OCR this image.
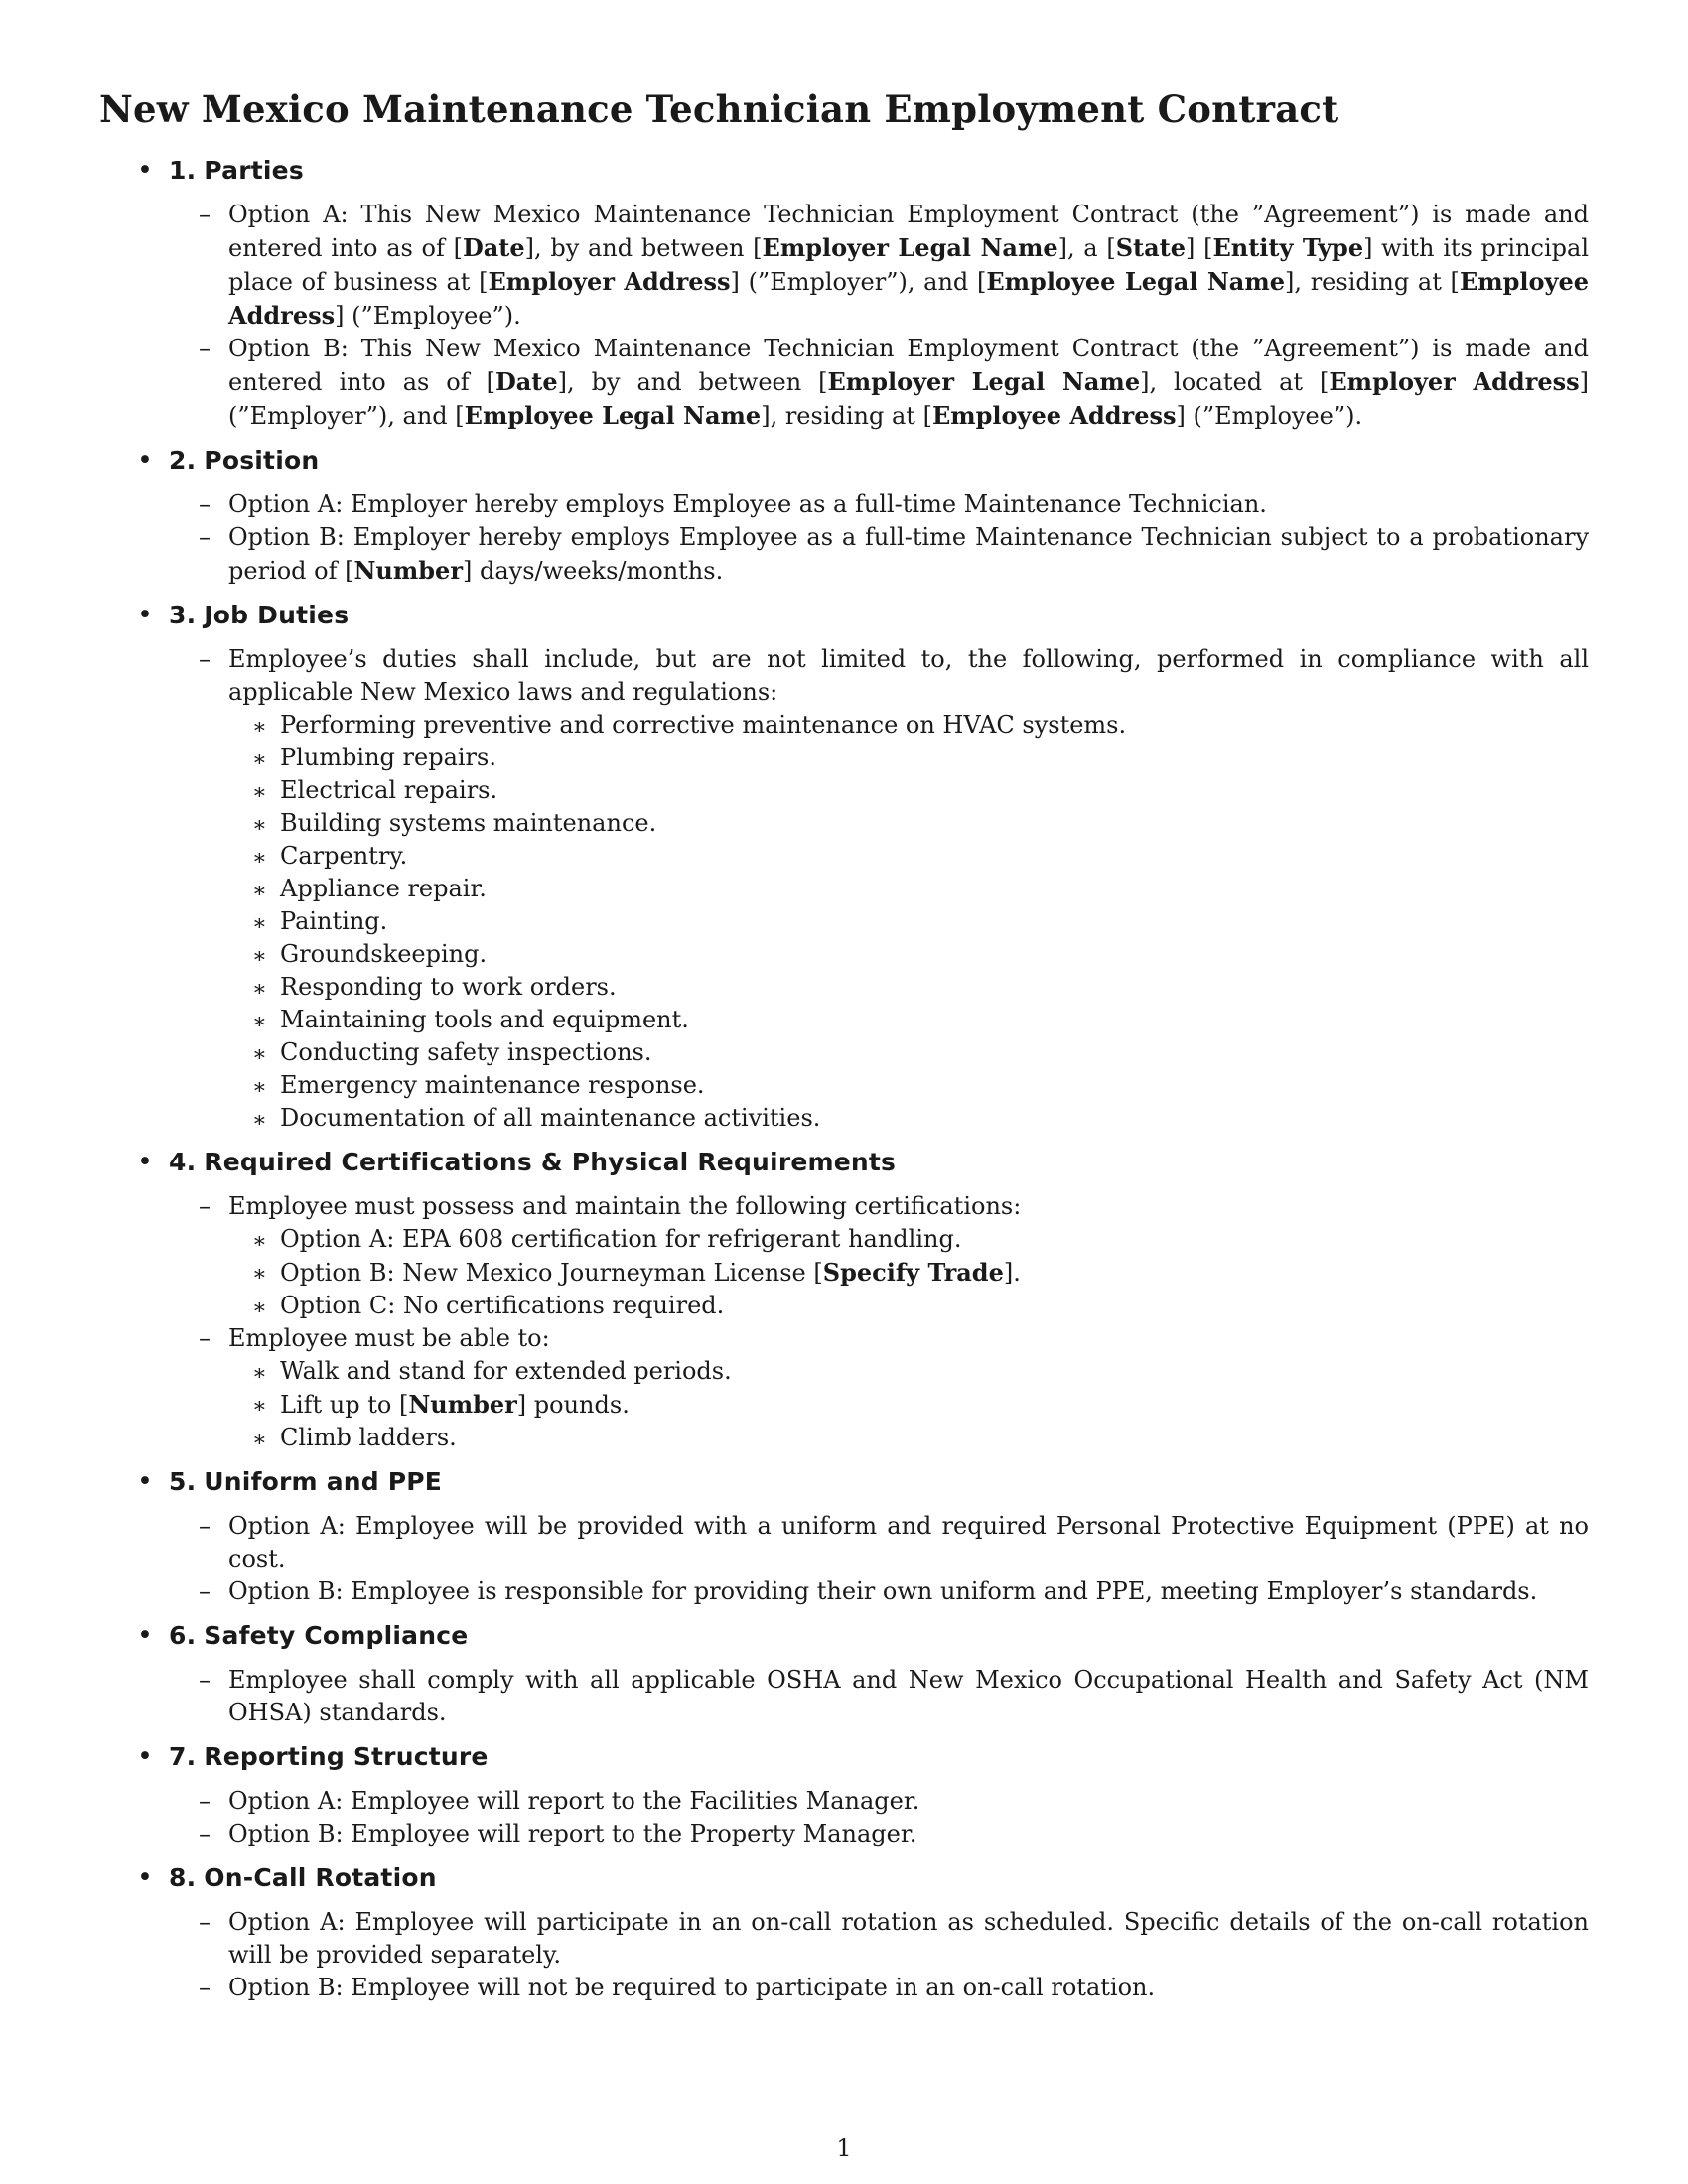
New Mexico Maintenance Technician Employment Contract
• 1. Parties
– Option A: This New Mexico Maintenance Technician Employment Contract (the ”Agreement”) is made and entered into as of [Date], by and between [Employer Legal Name], a [State] [Entity Type] with its principal place of business at [Employer Address] (”Employer”), and [Employee Legal Name], residing at [Employee Address] (”Employee”).
– Option B: This New Mexico Maintenance Technician Employment Contract (the ”Agreement”) is made and entered into as of [Date], by and between [Employer Legal Name], located at [Employer Address] (”Employer”), and [Employee Legal Name], residing at [Employee Address] (”Employee”).
• 2. Position
– Option A: Employer hereby employs Employee as a full-time Maintenance Technician.
– Option B: Employer hereby employs Employee as a full-time Maintenance Technician subject to a probationary period of [Number] days/weeks/months.
• 3. Job Duties
– Employee’s duties shall include, but are not limited to, the following, performed in compliance with all applicable New Mexico laws and regulations:
∗ Performing preventive and corrective maintenance on HVAC systems.
∗ Plumbing repairs.
∗ Electrical repairs.
∗ Building systems maintenance.
∗ Carpentry.
∗ Appliance repair.
∗ Painting.
∗ Groundskeeping.
∗ Responding to work orders.
∗ Maintaining tools and equipment.
∗ Conducting safety inspections.
∗ Emergency maintenance response.
∗ Documentation of all maintenance activities.
• 4. Required Certifications & Physical Requirements
– Employee must possess and maintain the following certifications:
∗ Option A: EPA 608 certification for refrigerant handling.
∗ Option B: New Mexico Journeyman License [Specify Trade].
∗ Option C: No certifications required.
– Employee must be able to:
∗ Walk and stand for extended periods.
∗ Lift up to [Number] pounds.
∗ Climb ladders.
• 5. Uniform and PPE
– Option A: Employee will be provided with a uniform and required Personal Protective Equipment (PPE) at no cost.
– Option B: Employee is responsible for providing their own uniform and PPE, meeting Employer’s standards.
• 6. Safety Compliance
– Employee shall comply with all applicable OSHA and New Mexico Occupational Health and Safety Act (NM OHSA) standards.
• 7. Reporting Structure
– Option A: Employee will report to the Facilities Manager.
– Option B: Employee will report to the Property Manager.
• 8. On-Call Rotation
– Option A: Employee will participate in an on-call rotation as scheduled. Specific details of the on-call rotation will be provided separately.
– Option B: Employee will not be required to participate in an on-call rotation.
1
